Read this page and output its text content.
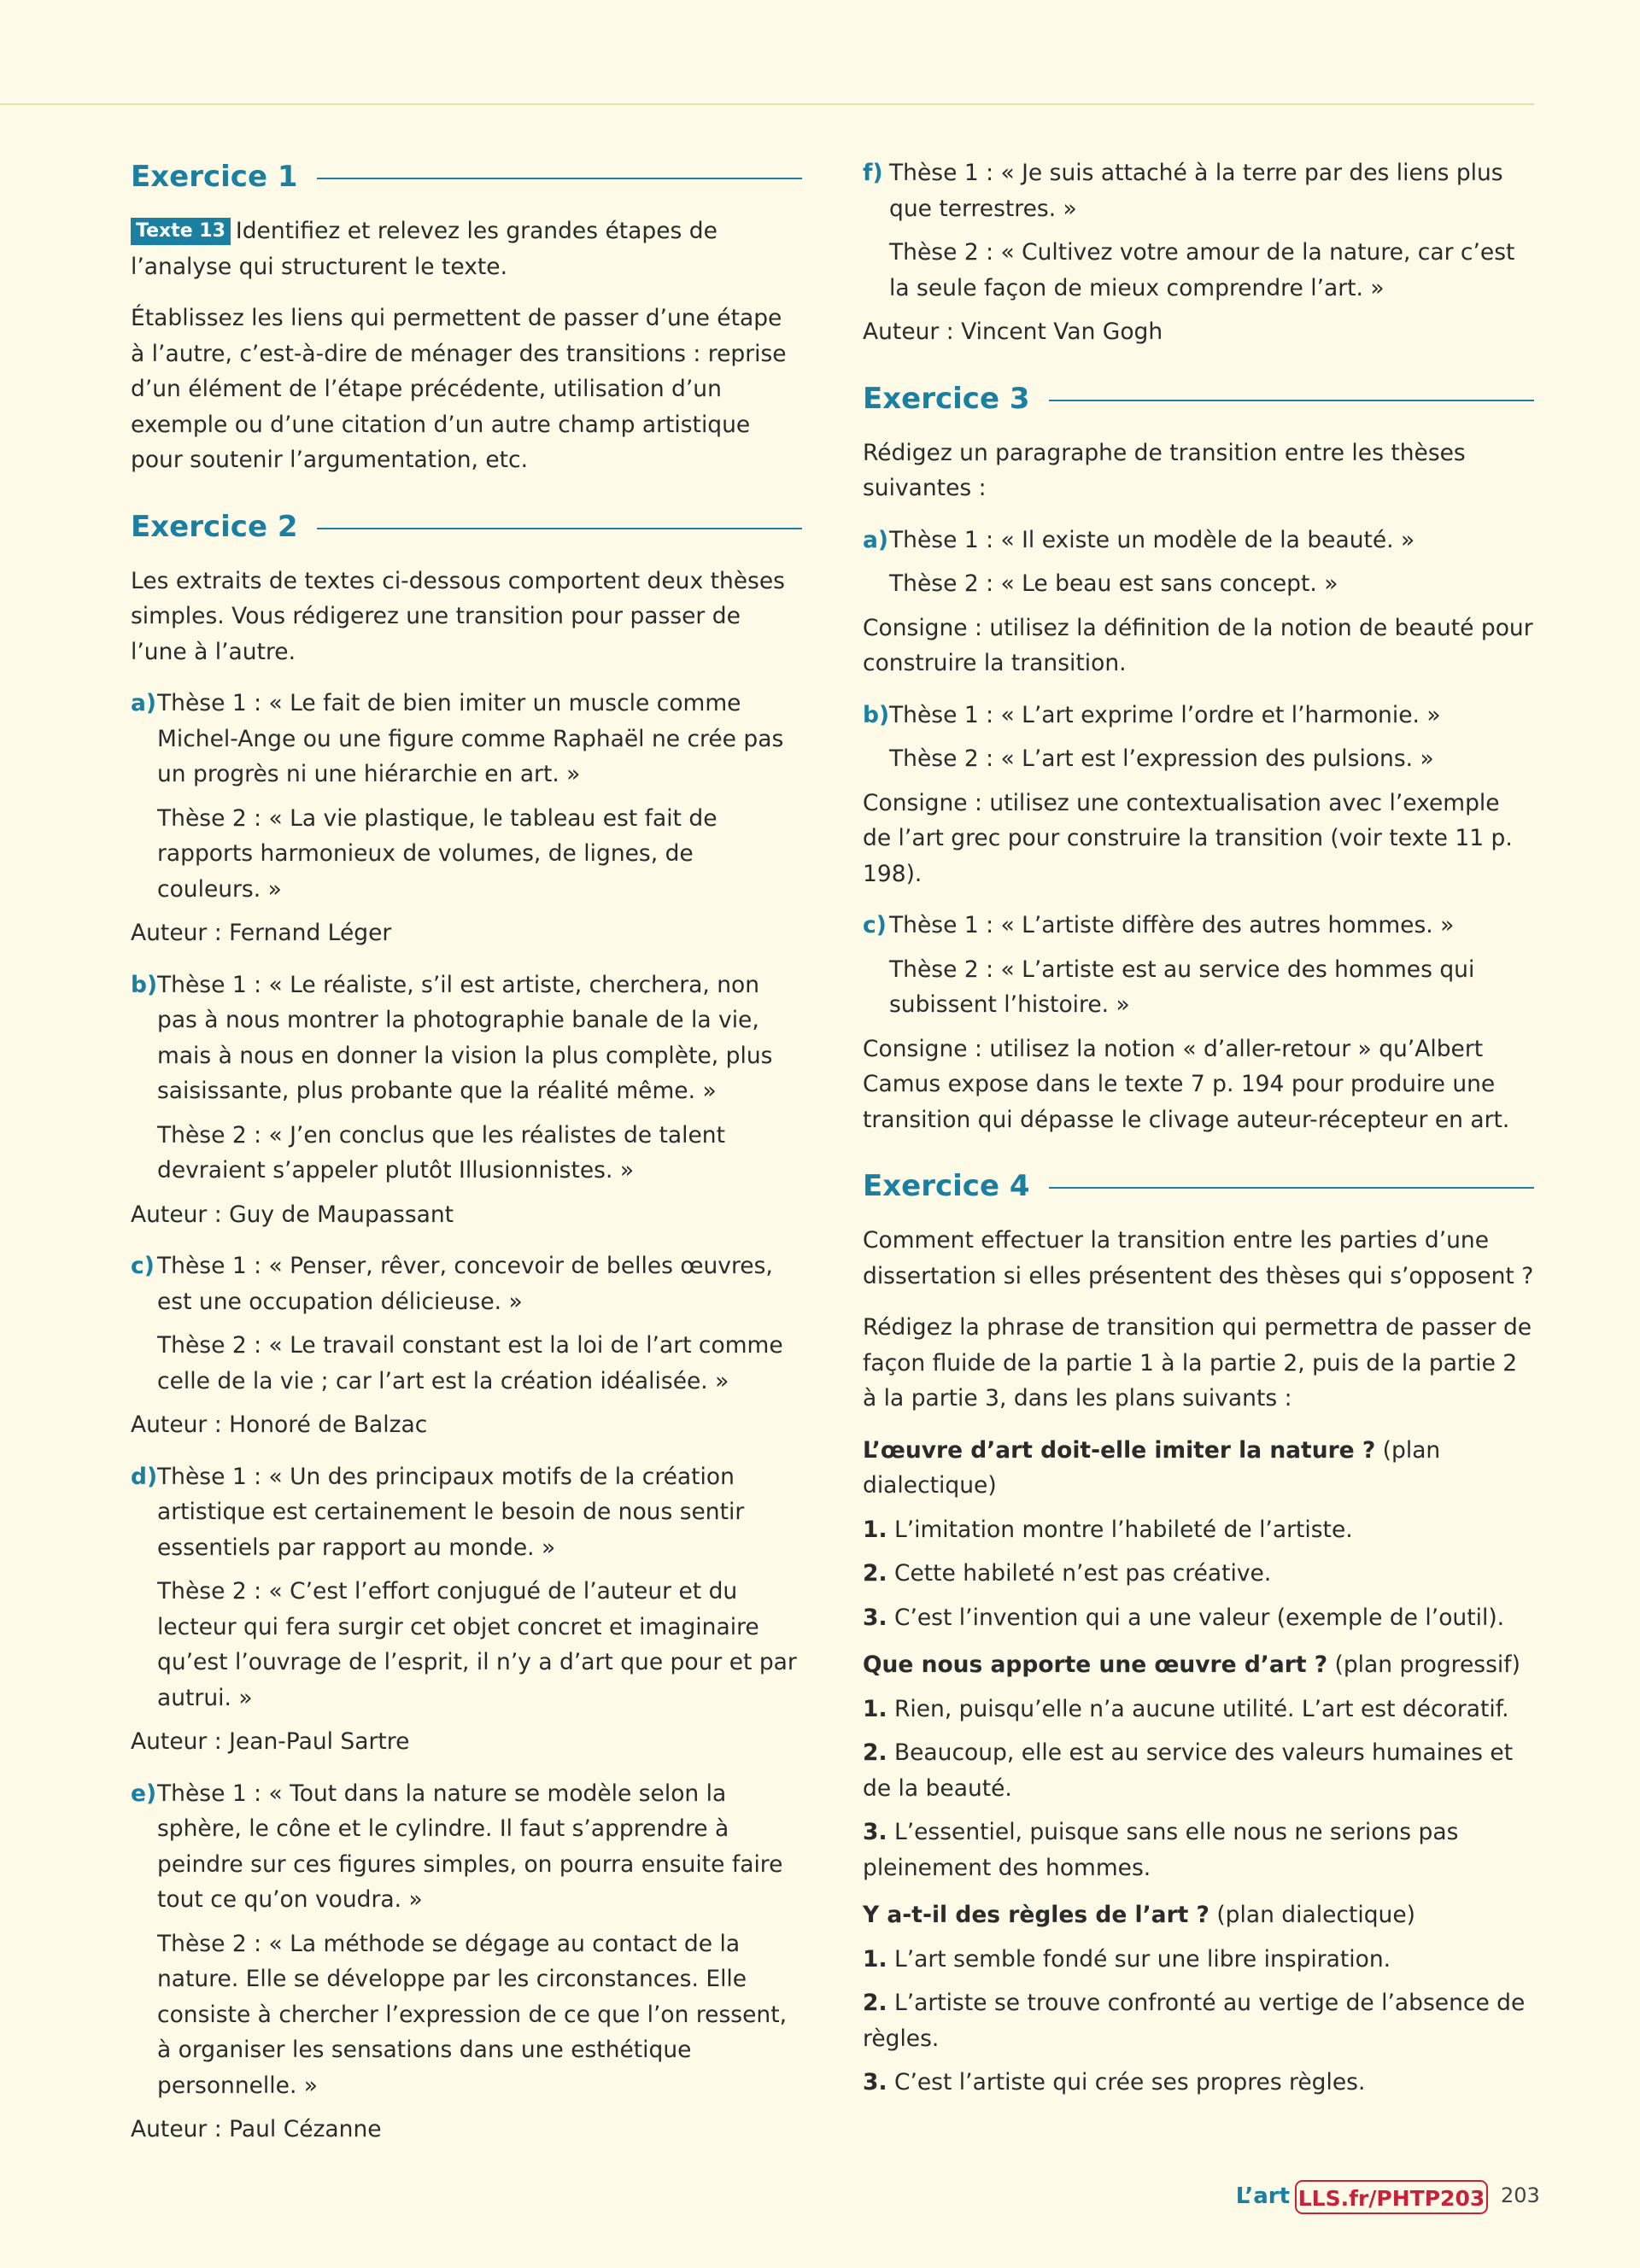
Exercice 1

Texte 13 Identifiez et relevez les grandes étapes de l’analyse qui structurent le texte.

Établissez les liens qui permettent de passer d’une étape à l’autre, c’est-à-dire de ménager des transitions : reprise d’un élément de l’étape précédente, utilisation d’un exemple ou d’une citation d’un autre champ artistique pour soutenir l’argumentation, etc.

Exercice 2

Les extraits de textes ci-dessous comportent deux thèses simples. Vous rédigerez une transition pour passer de l’une à l’autre.

a) Thèse 1 : « Le fait de bien imiter un muscle comme Michel-Ange ou une figure comme Raphaël ne crée pas un progrès ni une hiérarchie en art. »

Thèse 2 : « La vie plastique, le tableau est fait de rapports harmonieux de volumes, de lignes, de couleurs. »

Auteur : Fernand Léger

b) Thèse 1 : « Le réaliste, s’il est artiste, cherchera, non pas à nous montrer la photographie banale de la vie, mais à nous en donner la vision la plus complète, plus saisissante, plus probante que la réalité même. »

Thèse 2 : « J’en conclus que les réalistes de talent devraient s’appeler plutôt Illusionnistes. »

Auteur : Guy de Maupassant

c) Thèse 1 : « Penser, rêver, concevoir de belles œuvres, est une occupation délicieuse. »

Thèse 2 : « Le travail constant est la loi de l’art comme celle de la vie ; car l’art est la création idéalisée. »

Auteur : Honoré de Balzac

d) Thèse 1 : « Un des principaux motifs de la création artistique est certainement le besoin de nous sentir essentiels par rapport au monde. »

Thèse 2 : « C’est l’effort conjugué de l’auteur et du lecteur qui fera surgir cet objet concret et imaginaire qu’est l’ouvrage de l’esprit, il n’y a d’art que pour et par autrui. »

Auteur : Jean-Paul Sartre

e) Thèse 1 : « Tout dans la nature se modèle selon la sphère, le cône et le cylindre. Il faut s’apprendre à peindre sur ces figures simples, on pourra ensuite faire tout ce qu’on voudra. »

Thèse 2 : « La méthode se dégage au contact de la nature. Elle se développe par les circonstances. Elle consiste à chercher l’expression de ce que l’on ressent, à organiser les sensations dans une esthétique personnelle. »

Auteur : Paul Cézanne

f) Thèse 1 : « Je suis attaché à la terre par des liens plus que terrestres. »

Thèse 2 : « Cultivez votre amour de la nature, car c’est la seule façon de mieux comprendre l’art. »

Auteur : Vincent Van Gogh

Exercice 3

Rédigez un paragraphe de transition entre les thèses suivantes :

a) Thèse 1 : « Il existe un modèle de la beauté. »

Thèse 2 : « Le beau est sans concept. »

Consigne : utilisez la définition de la notion de beauté pour construire la transition.

b) Thèse 1 : « L’art exprime l’ordre et l’harmonie. »

Thèse 2 : « L’art est l’expression des pulsions. »

Consigne : utilisez une contextualisation avec l’exemple de l’art grec pour construire la transition (voir texte 11 p. 198).

c) Thèse 1 : « L’artiste diffère des autres hommes. »

Thèse 2 : « L’artiste est au service des hommes qui subissent l’histoire. »

Consigne : utilisez la notion « d’aller-retour » qu’Albert Camus expose dans le texte 7 p. 194 pour produire une transition qui dépasse le clivage auteur-récepteur en art.

Exercice 4

Comment effectuer la transition entre les parties d’une dissertation si elles présentent des thèses qui s’opposent ?

Rédigez la phrase de transition qui permettra de passer de façon fluide de la partie 1 à la partie 2, puis de la partie 2 à la partie 3, dans les plans suivants :

L’œuvre d’art doit-elle imiter la nature ? (plan dialectique)

1. L’imitation montre l’habileté de l’artiste.

2. Cette habileté n’est pas créative.

3. C’est l’invention qui a une valeur (exemple de l’outil).

Que nous apporte une œuvre d’art ? (plan progressif)

1. Rien, puisqu’elle n’a aucune utilité. L’art est décoratif.

2. Beaucoup, elle est au service des valeurs humaines et de la beauté.

3. L’essentiel, puisque sans elle nous ne serions pas pleinement des hommes.

Y a-t-il des règles de l’art ? (plan dialectique)

1. L’art semble fondé sur une libre inspiration.

2. L’artiste se trouve confronté au vertige de l’absence de règles.

3. C’est l’artiste qui crée ses propres règles.

L’art LLS.fr/PHTP203 203
